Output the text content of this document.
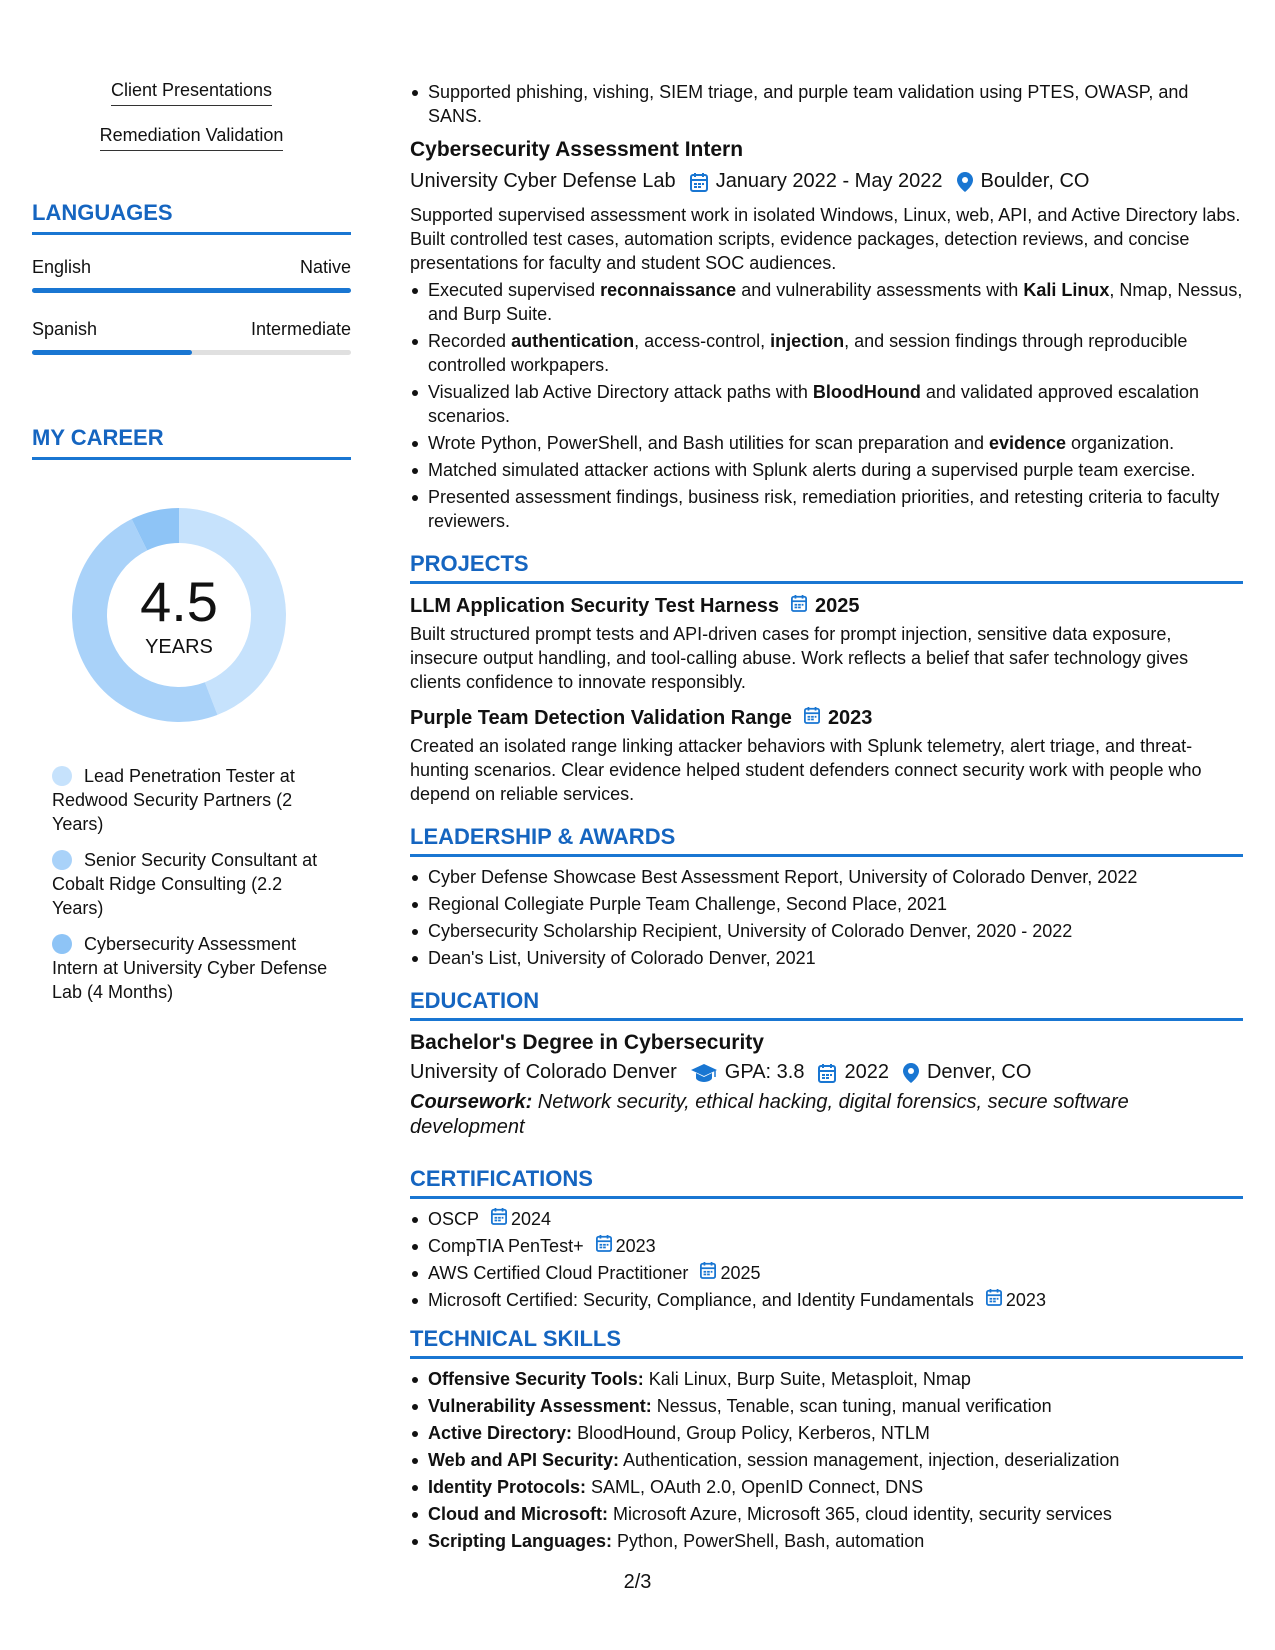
Client Presentations
Remediation Validation
LANGUAGES
English	Native
Spanish	Intermediate
MY CAREER
4.5
YEARS
Lead Penetration Tester at Redwood Security Partners (2 Years)
Senior Security Consultant at Cobalt Ridge Consulting (2.2 Years)
Cybersecurity Assessment Intern at University Cyber Defense Lab (4 Months)
Supported phishing, vishing, SIEM triage, and purple team validation using PTES, OWASP, and SANS.
Cybersecurity Assessment Intern
University Cyber Defense Lab January 2022 - May 2022 Boulder, CO
Supported supervised assessment work in isolated Windows, Linux, web, API, and Active Directory labs. Built controlled test cases, automation scripts, evidence packages, detection reviews, and concise presentations for faculty and student SOC audiences.
Executed supervised reconnaissance and vulnerability assessments with Kali Linux, Nmap, Nessus, and Burp Suite.
Recorded authentication, access-control, injection, and session findings through reproducible controlled workpapers.
Visualized lab Active Directory attack paths with BloodHound and validated approved escalation scenarios.
Wrote Python, PowerShell, and Bash utilities for scan preparation and evidence organization.
Matched simulated attacker actions with Splunk alerts during a supervised purple team exercise.
Presented assessment findings, business risk, remediation priorities, and retesting criteria to faculty reviewers.
PROJECTS
LLM Application Security Test Harness 2025
Built structured prompt tests and API-driven cases for prompt injection, sensitive data exposure, insecure output handling, and tool-calling abuse. Work reflects a belief that safer technology gives clients confidence to innovate responsibly.
Purple Team Detection Validation Range 2023
Created an isolated range linking attacker behaviors with Splunk telemetry, alert triage, and threat-hunting scenarios. Clear evidence helped student defenders connect security work with people who depend on reliable services.
LEADERSHIP & AWARDS
Cyber Defense Showcase Best Assessment Report, University of Colorado Denver, 2022
Regional Collegiate Purple Team Challenge, Second Place, 2021
Cybersecurity Scholarship Recipient, University of Colorado Denver, 2020 - 2022
Dean's List, University of Colorado Denver, 2021
EDUCATION
Bachelor's Degree in Cybersecurity
University of Colorado Denver GPA: 3.8 2022 Denver, CO
Coursework: Network security, ethical hacking, digital forensics, secure software development
CERTIFICATIONS
OSCP 2024
CompTIA PenTest+ 2023
AWS Certified Cloud Practitioner 2025
Microsoft Certified: Security, Compliance, and Identity Fundamentals 2023
TECHNICAL SKILLS
Offensive Security Tools: Kali Linux, Burp Suite, Metasploit, Nmap
Vulnerability Assessment: Nessus, Tenable, scan tuning, manual verification
Active Directory: BloodHound, Group Policy, Kerberos, NTLM
Web and API Security: Authentication, session management, injection, deserialization
Identity Protocols: SAML, OAuth 2.0, OpenID Connect, DNS
Cloud and Microsoft: Microsoft Azure, Microsoft 365, cloud identity, security services
Scripting Languages: Python, PowerShell, Bash, automation
2/3
